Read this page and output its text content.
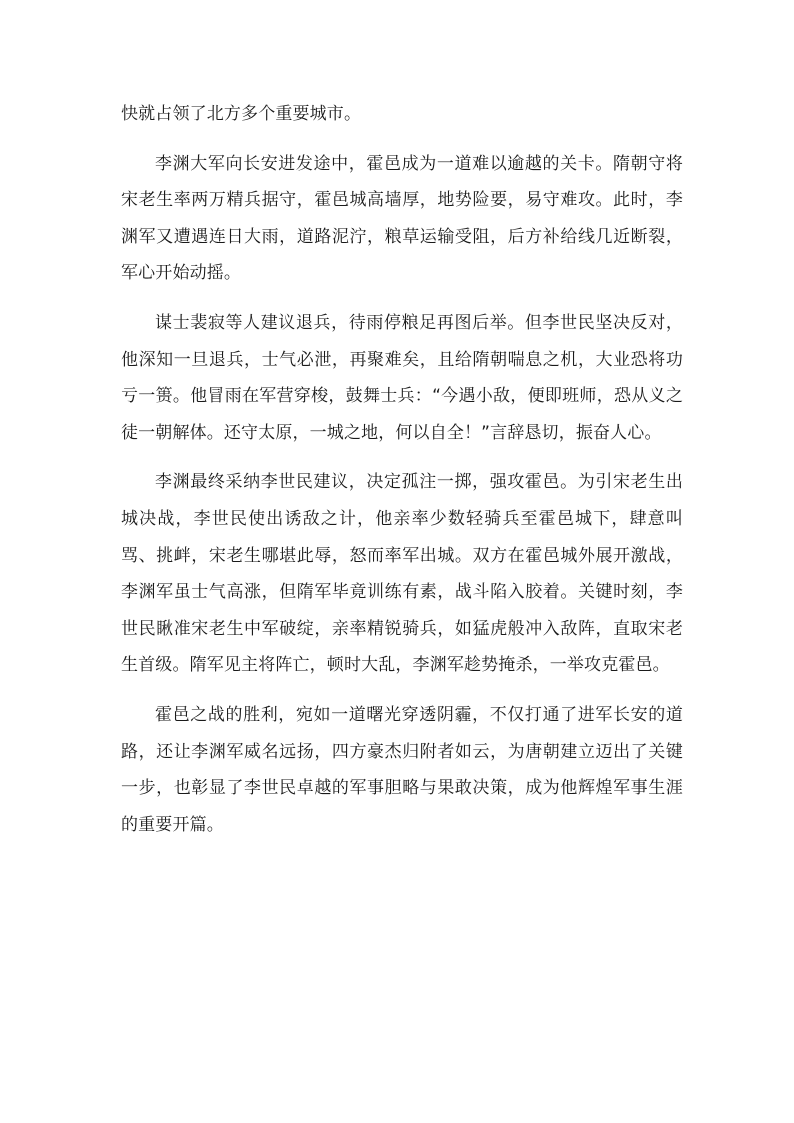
快就占领了北方多个重要城市。

李渊大军向长安进发途中，霍邑成为一道难以逾越的关卡。隋朝守将宋老生率两万精兵据守，霍邑城高墙厚，地势险要，易守难攻。此时，李渊军又遭遇连日大雨，道路泥泞，粮草运输受阻，后方补给线几近断裂，军心开始动摇。

谋士裴寂等人建议退兵，待雨停粮足再图后举。但李世民坚决反对，他深知一旦退兵，士气必泄，再聚难矣，且给隋朝喘息之机，大业恐将功亏一篑。他冒雨在军营穿梭，鼓舞士兵：“今遇小敌，便即班师，恐从义之徒一朝解体。还守太原，一城之地，何以自全！”言辞恳切，振奋人心。

李渊最终采纳李世民建议，决定孤注一掷，强攻霍邑。为引宋老生出城决战，李世民使出诱敌之计，他亲率少数轻骑兵至霍邑城下，肆意叫骂、挑衅，宋老生哪堪此辱，怒而率军出城。双方在霍邑城外展开激战，李渊军虽士气高涨，但隋军毕竟训练有素，战斗陷入胶着。关键时刻，李世民瞅准宋老生中军破绽，亲率精锐骑兵，如猛虎般冲入敌阵，直取宋老生首级。隋军见主将阵亡，顿时大乱，李渊军趁势掩杀，一举攻克霍邑。

霍邑之战的胜利，宛如一道曙光穿透阴霾，不仅打通了进军长安的道路，还让李渊军威名远扬，四方豪杰归附者如云，为唐朝建立迈出了关键一步，也彰显了李世民卓越的军事胆略与果敢决策，成为他辉煌军事生涯的重要开篇。
